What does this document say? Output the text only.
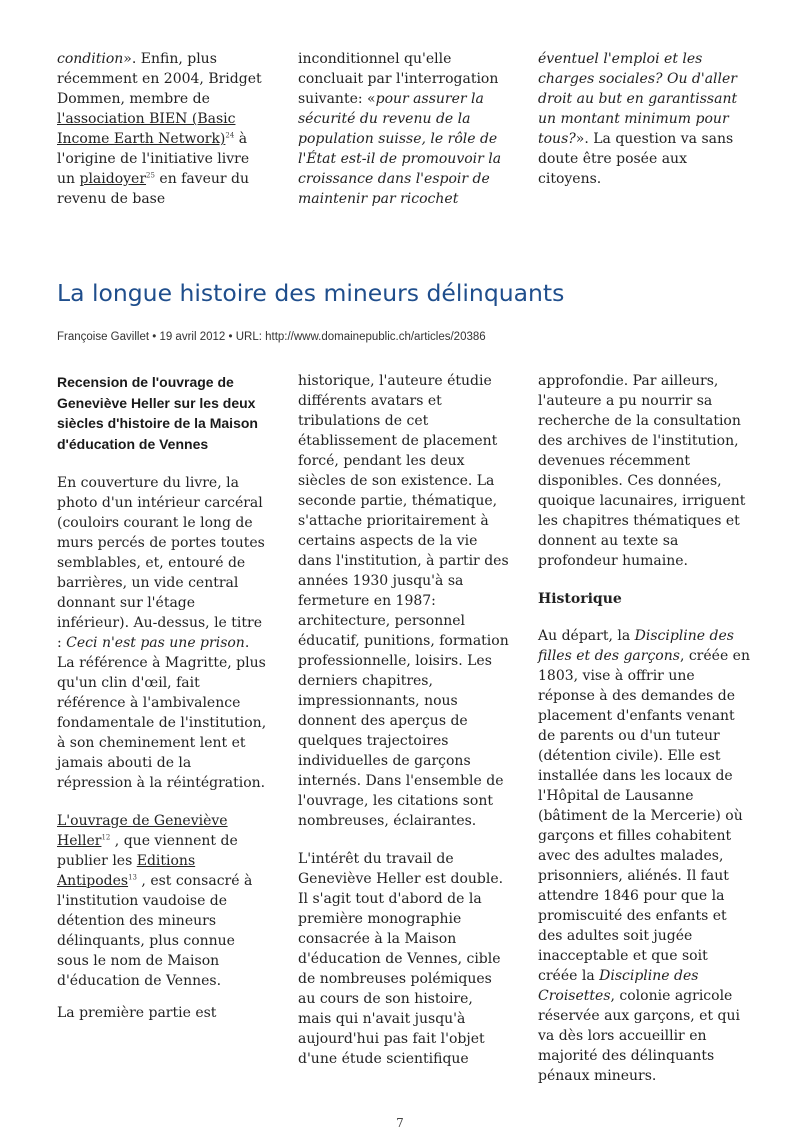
condition». Enfin, plus récemment en 2004, Bridget Dommen, membre de l'association BIEN (Basic Income Earth Network)$^{24}$ à l'origine de l'initiative livre un plaidoyer$^{25}$ en faveur du revenu de base

inconditionnel qu'elle concluait par l'interrogation suivante: «pour assurer la sécurité du revenu de la population suisse, le rôle de l'État est-il de promouvoir la croissance dans l'espoir de maintenir par ricochet

éventuel l'emploi et les charges sociales? Ou d'aller droit au but en garantissant un montant minimum pour tous?». La question va sans doute être posée aux citoyens.

La longue histoire des mineurs délinquants
Françoise Gavillet • 19 avril 2012 • URL: http://www.domainepublic.ch/articles/20386

Recension de l'ouvrage de Geneviève Heller sur les deux siècles d'histoire de la Maison d'éducation de Vennes

En couverture du livre, la photo d'un intérieur carcéral (couloirs courant le long de murs percés de portes toutes semblables, et, entouré de barrières, un vide central donnant sur l'étage inférieur). Au-dessus, le titre : Ceci n'est pas une prison. La référence à Magritte, plus qu'un clin d'œil, fait référence à l'ambivalence fondamentale de l'institution, à son cheminement lent et jamais abouti de la répression à la réintégration.

L'ouvrage de Geneviève Heller$^{12}$ , que viennent de publier les Editions Antipodes$^{13}$ , est consacré à l'institution vaudoise de détention des mineurs délinquants, plus connue sous le nom de Maison d'éducation de Vennes.

La première partie est

historique, l'auteure étudie différents avatars et tribulations de cet établissement de placement forcé, pendant les deux siècles de son existence. La seconde partie, thématique, s'attache prioritairement à certains aspects de la vie dans l'institution, à partir des années 1930 jusqu'à sa fermeture en 1987: architecture, personnel éducatif, punitions, formation professionnelle, loisirs. Les derniers chapitres, impressionnants, nous donnent des aperçus de quelques trajectoires individuelles de garçons internés. Dans l'ensemble de l'ouvrage, les citations sont nombreuses, éclairantes.

L'intérêt du travail de Geneviève Heller est double. Il s'agit tout d'abord de la première monographie consacrée à la Maison d'éducation de Vennes, cible de nombreuses polémiques au cours de son histoire, mais qui n'avait jusqu'à aujourd'hui pas fait l'objet d'une étude scientifique

approfondie. Par ailleurs, l'auteure a pu nourrir sa recherche de la consultation des archives de l'institution, devenues récemment disponibles. Ces données, quoique lacunaires, irriguent les chapitres thématiques et donnent au texte sa profondeur humaine.

Historique

Au départ, la Discipline des filles et des garçons, créée en 1803, vise à offrir une réponse à des demandes de placement d'enfants venant de parents ou d'un tuteur (détention civile). Elle est installée dans les locaux de l'Hôpital de Lausanne (bâtiment de la Mercerie) où garçons et filles cohabitent avec des adultes malades, prisonniers, aliénés. Il faut attendre 1846 pour que la promiscuité des enfants et des adultes soit jugée inacceptable et que soit créée la Discipline des Croisettes, colonie agricole réservée aux garçons, et qui va dès lors accueillir en majorité des délinquants pénaux mineurs.

7
